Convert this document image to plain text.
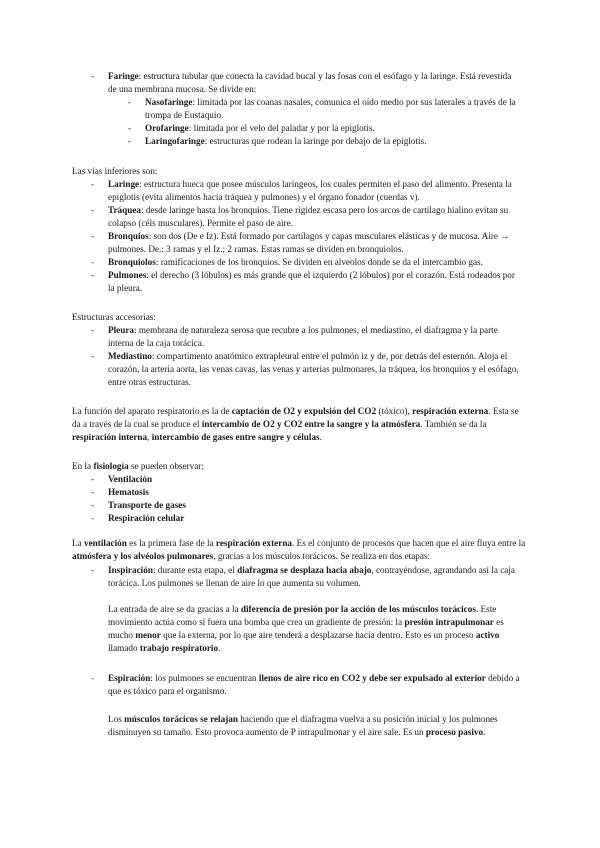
- Faringe: estructura tubular que conecta la cavidad bucal y las fosas con el esófago y la laringe. Está revestida de una membrana mucosa. Se divide en:
- Nasofaringe: limitada por las coanas nasales, comunica el oído medio por sus laterales a través de la trompa de Eustaquio.
- Orofaringe: limitada por el velo del paladar y por la epiglotis.
- Laringofaringe: estructuras que rodean la laringe por debajo de la epiglotis.
Las vías inferiores son:
- Laringe: estructura hueca que posee músculos laríngeos, los cuales permiten el paso del alimento. Presenta la epiglotis (evita alimentos hacia tráquea y pulmones) y el órgano fonador (cuerdas v).
- Tráquea: desde laringe hasta los bronquios. Tiene rigidez escasa pero los arcos de cartílago hialino evitan su colapso (céls musculares). Permite el paso de aire.
- Bronquios: son dos (De e Iz). Está formado por cartílagos y capas musculares elásticas y de mucosa. Aire → pulmones. De.: 3 ramas y el Iz.; 2 ramas. Estas ramas se dividen en bronquiolos.
- Bronquiolos: ramificaciones de los bronquios. Se dividen en alveolos donde se da el intercambio gas.
- Pulmones: el derecho (3 lóbulos) es más grande que el izquierdo (2 lóbulos) por el corazón. Está rodeados por la pleura.
Estructuras accesorias:
- Pleura: membrana de naturaleza serosa que recubre a los pulmones, el mediastino, el diafragma y la parte interna de la caja torácica.
- Mediastino: compartimento anatómico extrapleural entre el pulmón iz y de, por detrás del esternón. Aloja el corazón, la arteria aorta, las venas cavas, las venas y arterias pulmonares, la tráquea, los bronquios y el esófago, entre otras estructuras.
La función del aparato respiratorio es la de captación de O2 y expulsión del CO2 (tóxico), respiración externa. Esta se da a través de la cual se produce el intercambio de O2 y CO2 entre la sangre y la atmósfera. También se da la respiración interna, intercambio de gases entre sangre y células.
En la fisiología se pueden observar:
- Ventilación
- Hematosis
- Transporte de gases
- Respiración celular
La ventilación es la primera fase de la respiración externa. Es el conjunto de procesos que hacen que el aire fluya entre la atmósfera y los alvéolos pulmonares, gracias a los músculos torácicos. Se realiza en dos etapas:
- Inspiración: durante esta etapa, el diafragma se desplaza hacia abajo, contrayéndose, agrandando así la caja torácica. Los pulmones se llenan de aire lo que aumenta su volumen.
La entrada de aire se da gracias a la diferencia de presión por la acción de los músculos torácicos. Este movimiento actúa como si fuera una bomba que crea un gradiente de presión: la presión intrapulmonar es mucho menor que la externa, por lo que aire tenderá a desplazarse hacia dentro. Esto es un proceso activo llamado trabajo respiratorio.
- Espiración: los pulmones se encuentran llenos de aire rico en CO2 y debe ser expulsado al exterior debido a que es tóxico para el organismo.
Los músculos torácicos se relajan haciendo que el diafragma vuelva a su posición inicial y los pulmones disminuyen su tamaño. Esto provoca aumento de P intrapulmonar y el aire sale. Es un proceso pasivo.
